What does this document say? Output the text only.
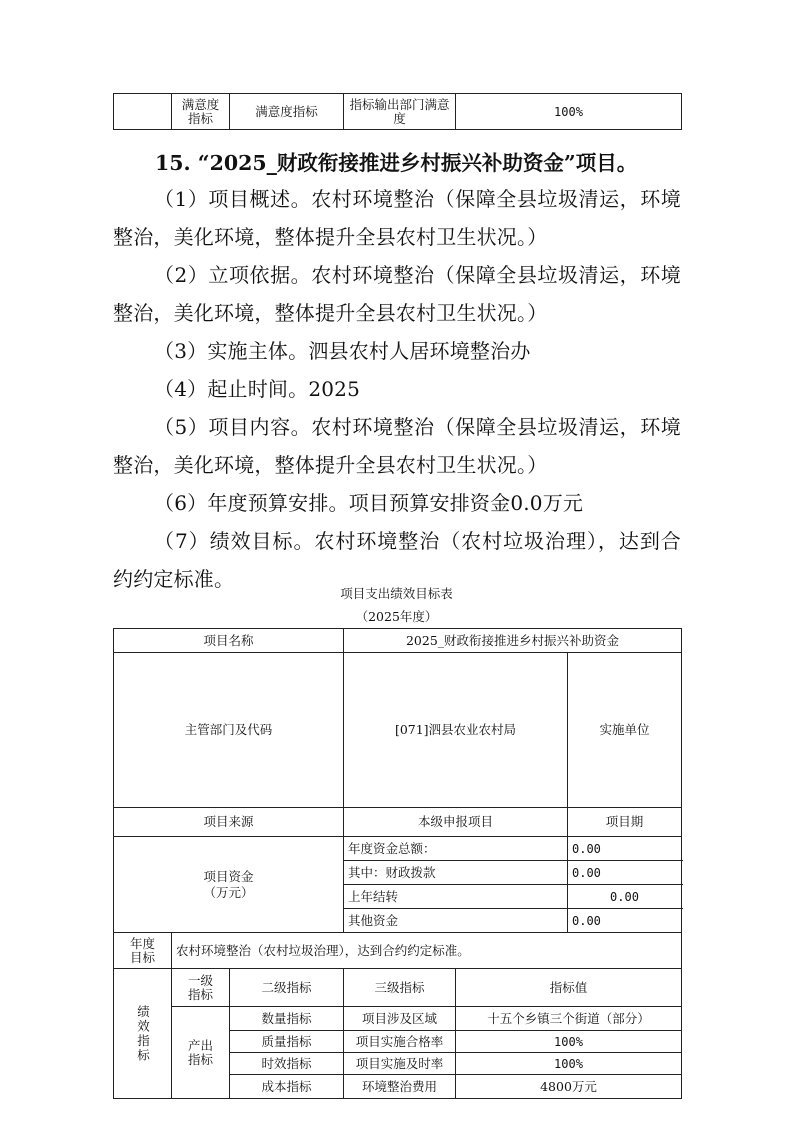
	满意度指标	满意度指标	指标输出部门满意度	100%
15. “2025_财政衔接推进乡村振兴补助资金”项目。

（1）项目概述。农村环境整治（保障全县垃圾清运，环境整治，美化环境，整体提升全县农村卫生状况。）

（2）立项依据。农村环境整治（保障全县垃圾清运，环境整治，美化环境，整体提升全县农村卫生状况。）

（3）实施主体。泗县农村人居环境整治办

（4）起止时间。2025

（5）项目内容。农村环境整治（保障全县垃圾清运，环境整治，美化环境，整体提升全县农村卫生状况。）

（6）年度预算安排。项目预算安排资金0.0万元

（7）绩效目标。农村环境整治（农村垃圾治理），达到合约约定标准。

项目支出绩效目标表
（2025年度）
项目名称			2025_财政衔接推进乡村振兴补助资金			
主管部门及代码			[071]泗县农业农村局		实施单位	
项目来源			本级申报项目		项目期	

项目资金（万元）			年度资金总额：		0.00	
			其中：财政拨款		0.00	
			上年结转		0.00	
			其他资金		0.00	

年度目标	农村环境整治（农村垃圾治理），达到合约约定标准。					

绩效指标	一级指标	二级指标	三级指标	指标值		

	产出指标	数量指标	项目涉及区域	十五个乡镇三个街道（部分）		
		质量指标	项目实施合格率	100%		
		时效指标	项目实施及时率	100%		
		成本指标	环境整治费用	4800万元		
